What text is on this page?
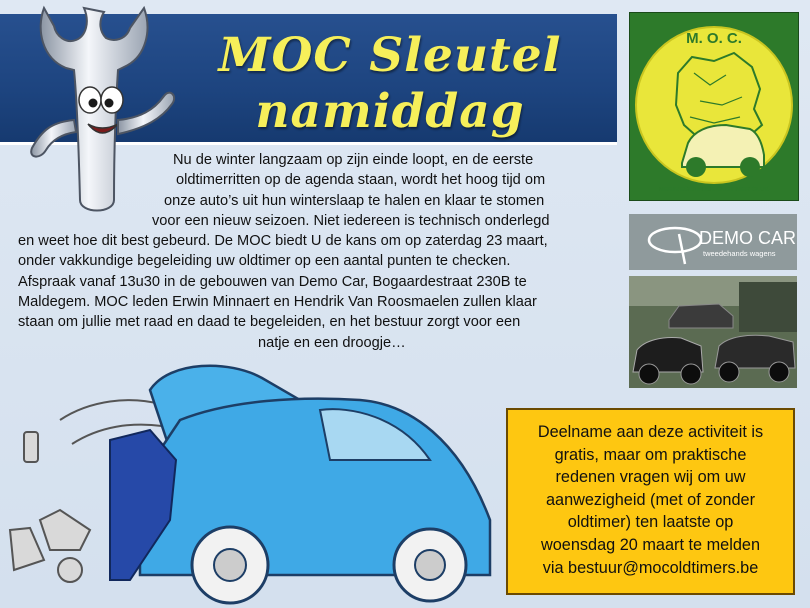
MOC Sleutel
namiddag
Nu de winter langzaam op zijn einde loopt, en de eerste
oldtimerritten op de agenda staan, wordt het hoog tijd om
onze auto’s uit hun winterslaap te halen en klaar te stomen
voor een nieuw seizoen. Niet iedereen is technisch onderlegd
en weet hoe dit best gebeurd. De MOC biedt U de kans om op zaterdag 23 maart,
onder vakkundige begeleiding uw oldtimer op een aantal punten te checken.
Afspraak vanaf 13u30 in de gebouwen van Demo Car, Bogaardestraat 230B te
Maldegem. MOC leden Erwin Minnaert en Hendrik Van Roosmaelen zullen klaar
staan om jullie met raad en daad te begeleiden, en het bestuur zorgt voor een
natje en een droogje…
M. O. C.
MEETJESLANDSE OLDTIMER CLUB
DEMO CAR
tweedehands wagens
Deelname aan deze activiteit is
gratis, maar om praktische
redenen vragen wij om uw
aanwezigheid (met of zonder
oldtimer) ten laatste op
woensdag 20 maart te melden
via bestuur@mocoldtimers.be
